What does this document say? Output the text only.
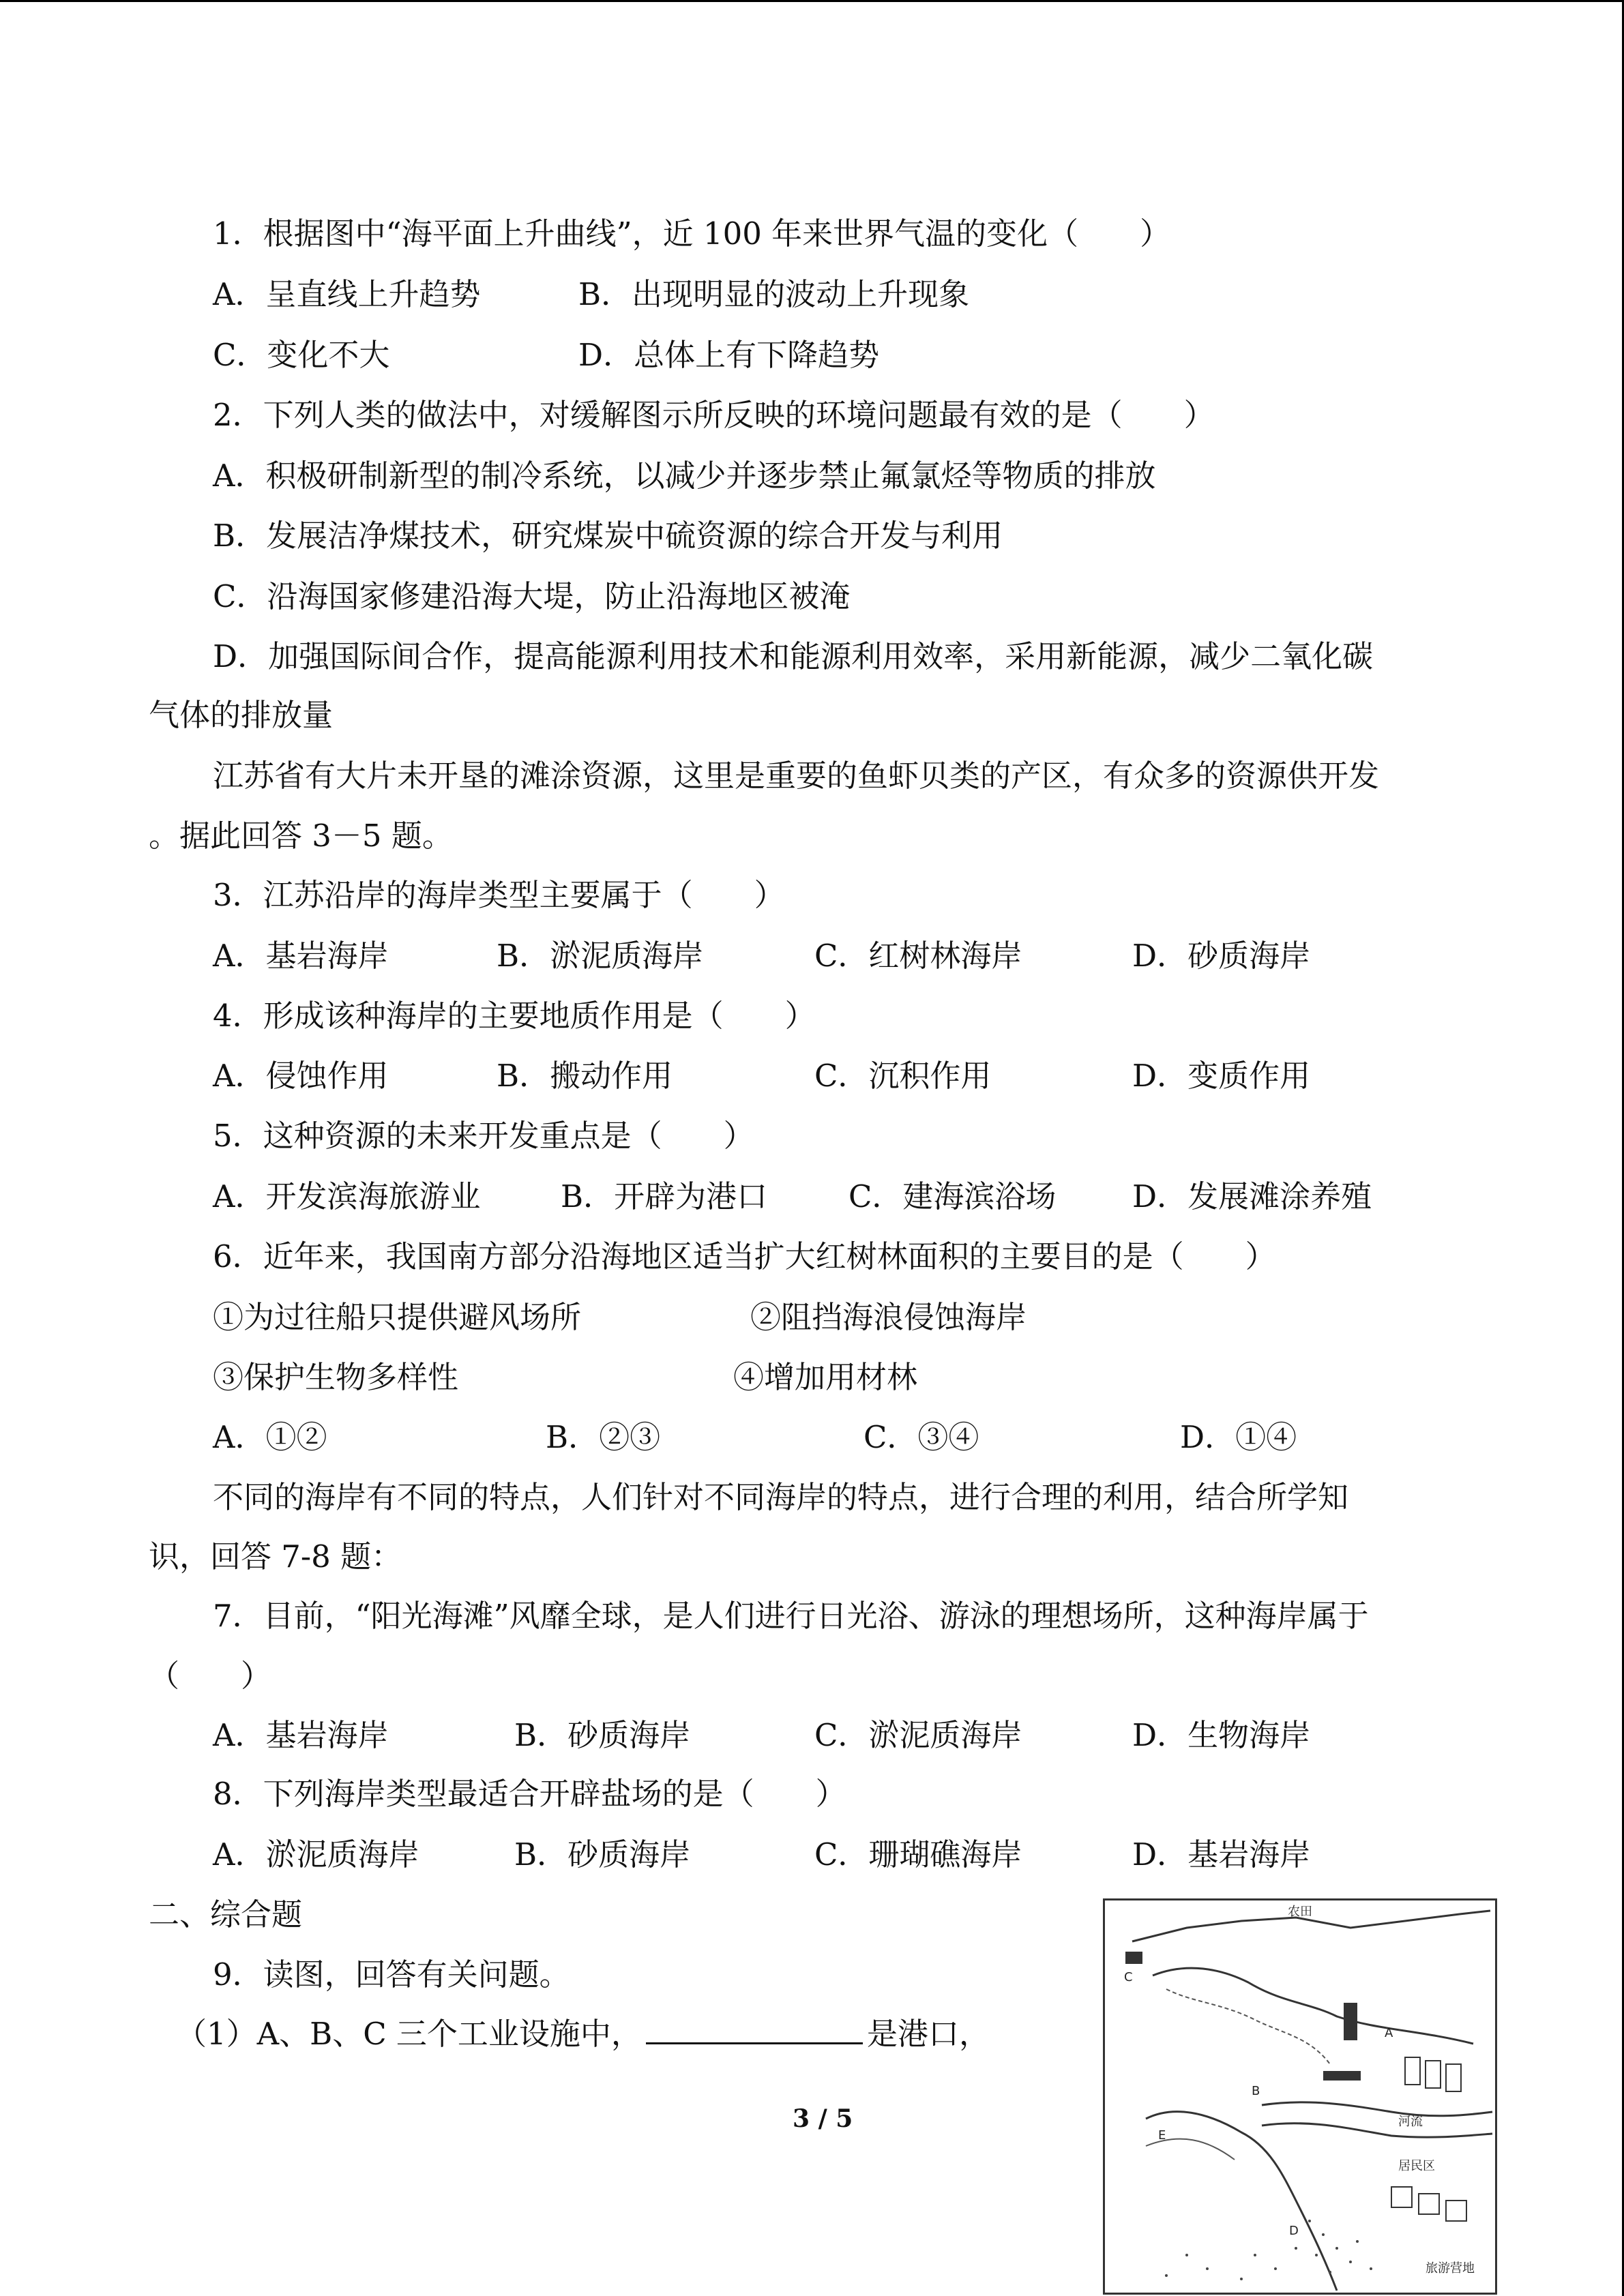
1．根据图中“海平面上升曲线”，近 100 年来世界气温的变化（　　）
A．呈直线上升趋势	B．出现明显的波动上升现象
C．变化不大	D．总体上有下降趋势
2．下列人类的做法中，对缓解图示所反映的环境问题最有效的是（　　）
A．积极研制新型的制冷系统，以减少并逐步禁止氟氯烃等物质的排放
B．发展洁净煤技术，研究煤炭中硫资源的综合开发与利用
C．沿海国家修建沿海大堤，防止沿海地区被淹
D．加强国际间合作，提高能源利用技术和能源利用效率，采用新能源，减少二氧化碳
气体的排放量
江苏省有大片未开垦的滩涂资源，这里是重要的鱼虾贝类的产区，有众多的资源供开发
。据此回答 3－5 题。
3．江苏沿岸的海岸类型主要属于（　　）
A．基岩海岸	B．淤泥质海岸	C．红树林海岸	D．砂质海岸
4．形成该种海岸的主要地质作用是（　　）
A．侵蚀作用	B．搬动作用	C．沉积作用	D．变质作用
5．这种资源的未来开发重点是（　　）
A．开发滨海旅游业	B．开辟为港口	C．建海滨浴场 D．发展滩涂养殖
6．近年来，我国南方部分沿海地区适当扩大红树林面积的主要目的是（　　）
①为过往船只提供避风场所	②阻挡海浪侵蚀海岸
③保护生物多样性	④增加用材林
A．①②	B．②③	C．③④	D．①④
不同的海岸有不同的特点，人们针对不同海岸的特点，进行合理的利用，结合所学知
识，回答 7-8 题：
7．目前，“阳光海滩”风靡全球，是人们进行日光浴、游泳的理想场所，这种海岸属于
（　　）
A．基岩海岸	B．砂质海岸	C．淤泥质海岸	D．生物海岸
8．下列海岸类型最适合开辟盐场的是（　　）
A．淤泥质海岸	B．砂质海岸	C．珊瑚礁海岸	D．基岩海岸
二、综合题
9．读图，回答有关问题。
（1）A、B、C 三个工业设施中，	是港口，
3 / 5
农田
河流
居民区
旅游营地
A
B
C
D
E
